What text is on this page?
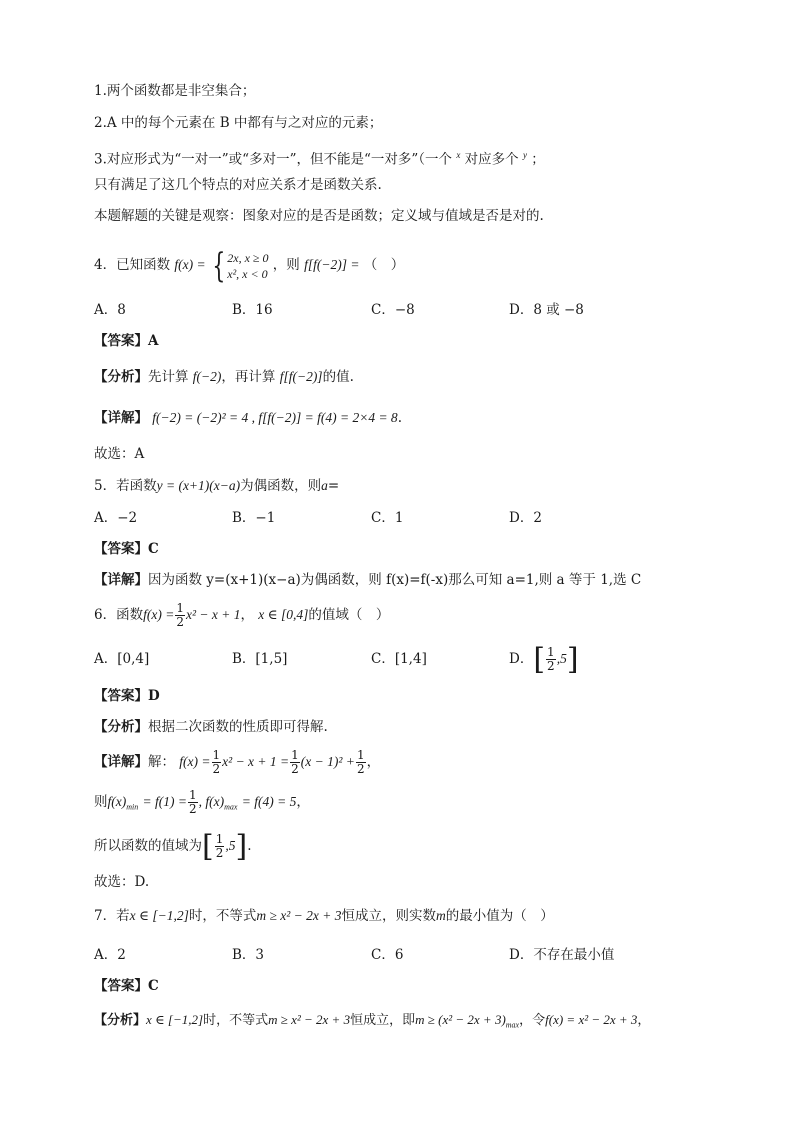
1.两个函数都是非空集合；
2.A 中的每个元素在 B 中都有与之对应的元素；
3.对应形式为“一对一”或“多对一”，但不能是“一对多”（一个 $^x$ 对应多个 $^y$ ；
只有满足了这几个特点的对应关系才是函数关系.
本题解题的关键是观察：图象对应的是否是函数；定义域与值域是否是对的.
4．已知函数 f(x) = { 2x, x ≥ 0
x², x < 0
，则 f[f(−2)] = （　）
A．8	B．16	C．−8	D．8 或 −8
【答案】A
【分析】先计算 f(−2)，再计算 f[f(−2)]的值.
【详解】 f(−2) = (−2)² = 4 , f[f(−2)] = f(4) = 2×4 = 8.
故选：A
5．若函数y = (x+1)(x−a)为偶函数，则a=
A．−2	B．−1	C．1	D．2
【答案】C
【详解】因为函数 y=(x+1)(x−a)为偶函数，则 f(x)=f(-x)那么可知 a=1,则 a 等于 1,选 C
6．函数$f(x) = \frac{1}{2} x^2 - x + 1$， x ∈ [0,4]的值域（　）
A．[0,4]	B．[1,5]	C．[1,4]	D．[ $\frac{1}{2} ,5$]
【答案】D
【分析】根据二次函数的性质即可得解.
【详解】解： $f(x) = \frac{1}{2} x^2 - x + 1 = \frac{1}{2} (x - 1)^2 + \frac{1}{2}$ ，
则$f(x)_{min} = f(1) = \frac{1}{2}$ , $f(x)_{max} = f(4) = 5$，
所以函数的值域为[ $\frac{1}{2} ,5$].
故选：D.
7．若x ∈ [−1,2]时，不等式m ≥ x² − 2x + 3恒成立，则实数m的最小值为（　）
A．2	B．3	C．6	D．不存在最小值
【答案】C
【分析】x ∈ [−1,2]时，不等式m ≥ x² − 2x + 3恒成立，即$m \ge (x^2 - 2x + 3)_{max}$，令f(x) = x² − 2x + 3，
